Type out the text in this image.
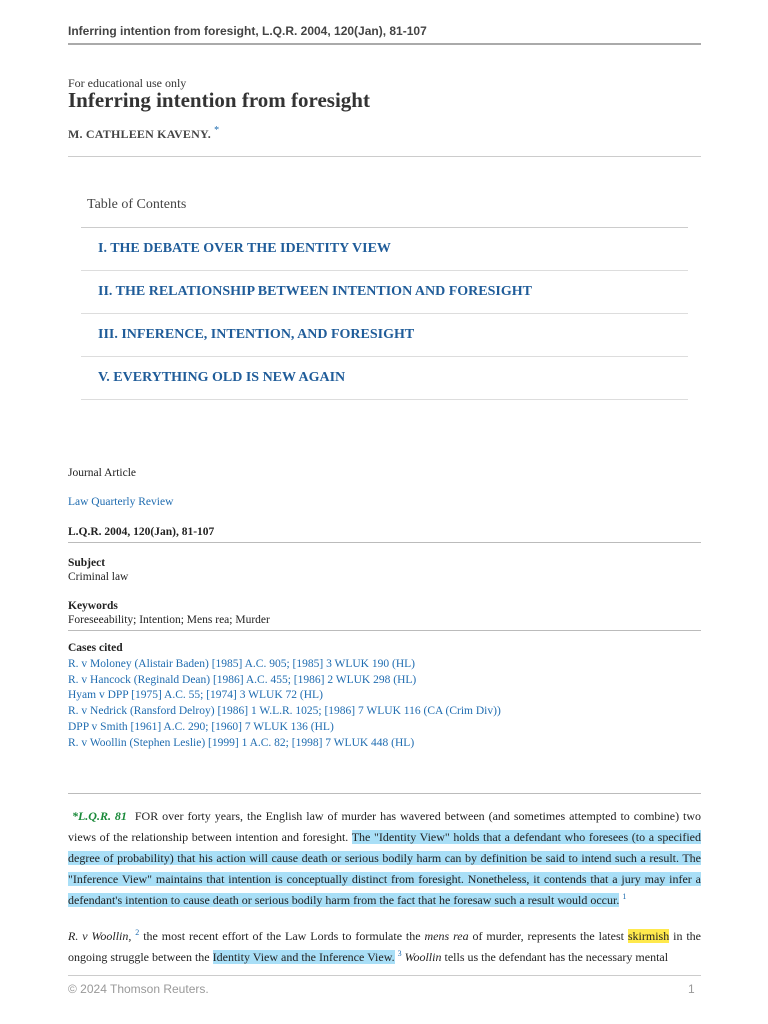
Inferring intention from foresight, L.Q.R. 2004, 120(Jan), 81-107
For educational use only
Inferring intention from foresight
M. CATHLEEN KAVENY. *
Table of Contents
I. THE DEBATE OVER THE IDENTITY VIEW
II. THE RELATIONSHIP BETWEEN INTENTION AND FORESIGHT
III. INFERENCE, INTENTION, AND FORESIGHT
V. EVERYTHING OLD IS NEW AGAIN
Journal Article
Law Quarterly Review
L.Q.R. 2004, 120(Jan), 81-107
Subject
Criminal law
Keywords
Foreseeability; Intention; Mens rea; Murder
Cases cited
R. v Moloney (Alistair Baden) [1985] A.C. 905; [1985] 3 WLUK 190 (HL)
R. v Hancock (Reginald Dean) [1986] A.C. 455; [1986] 2 WLUK 298 (HL)
Hyam v DPP [1975] A.C. 55; [1974] 3 WLUK 72 (HL)
R. v Nedrick (Ransford Delroy) [1986] 1 W.L.R. 1025; [1986] 7 WLUK 116 (CA (Crim Div))
DPP v Smith [1961] A.C. 290; [1960] 7 WLUK 136 (HL)
R. v Woollin (Stephen Leslie) [1999] 1 A.C. 82; [1998] 7 WLUK 448 (HL)

*L.Q.R. 81 FOR over forty years, the English law of murder has wavered between (and sometimes attempted to combine) two views of the relationship between intention and foresight. The "Identity View" holds that a defendant who foresees (to a specified degree of probability) that his action will cause death or serious bodily harm can by definition be said to intend such a result. The "Inference View" maintains that intention is conceptually distinct from foresight. Nonetheless, it contends that a jury may infer a defendant's intention to cause death or serious bodily harm from the fact that he foresaw such a result would occur. $^1$

R. v Woollin, $^2$ the most recent effort of the Law Lords to formulate the mens rea of murder, represents the latest skirmish in the ongoing struggle between the Identity View and the Inference View. $^3$ Woollin tells us the defendant has the necessary mental

© 2024 Thomson Reuters.	1
